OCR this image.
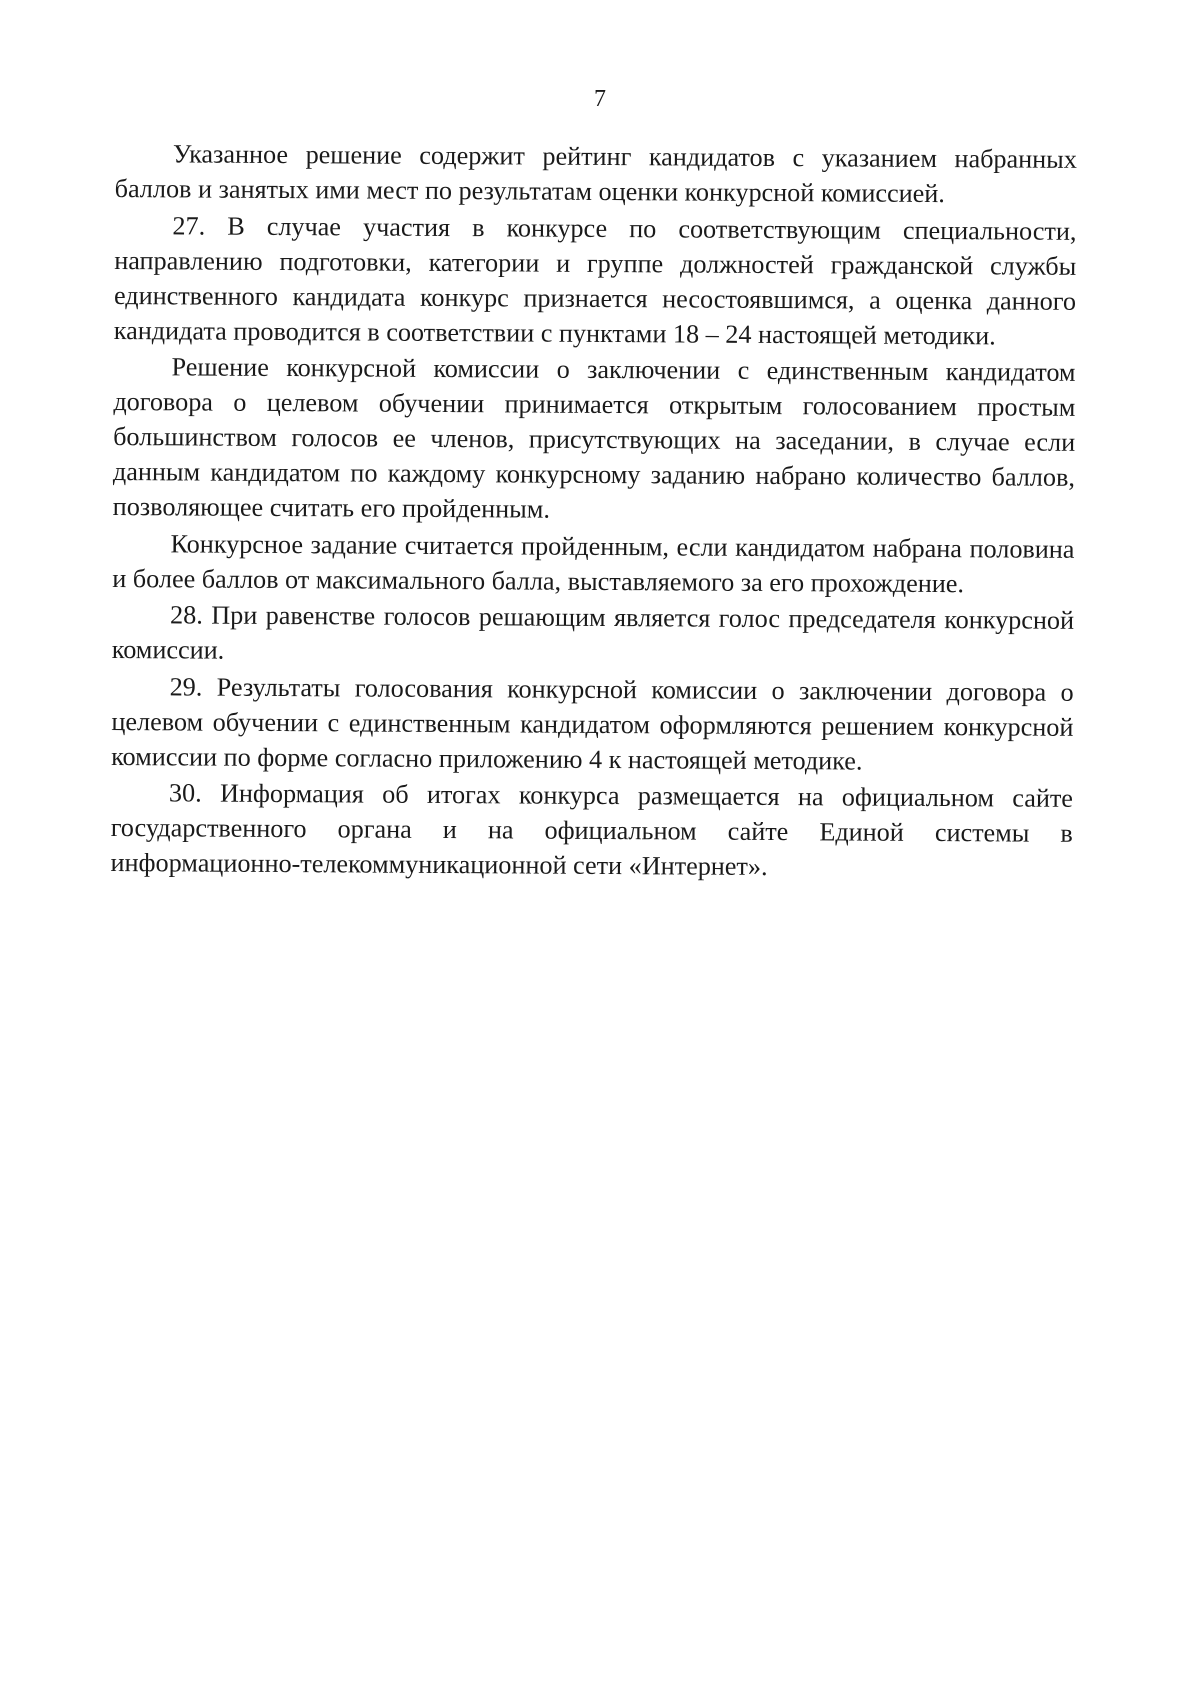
7

Указанное решение содержит рейтинг кандидатов с указанием набранных баллов и занятых ими мест по результатам оценки конкурсной комиссией.

27. В случае участия в конкурсе по соответствующим специальности, направлению подготовки, категории и группе должностей гражданской службы единственного кандидата конкурс признается несостоявшимся, а оценка данного кандидата проводится в соответствии с пунктами 18 – 24 настоящей методики.

Решение конкурсной комиссии о заключении с единственным кандидатом договора о целевом обучении принимается открытым голосованием простым большинством голосов ее членов, присутствующих на заседании, в случае если данным кандидатом по каждому конкурсному заданию набрано количество баллов, позволяющее считать его пройденным.

Конкурсное задание считается пройденным, если кандидатом набрана половина и более баллов от максимального балла, выставляемого за его прохождение.

28. При равенстве голосов решающим является голос председателя конкурсной комиссии.

29. Результаты голосования конкурсной комиссии о заключении договора о целевом обучении с единственным кандидатом оформляются решением конкурсной комиссии по форме согласно приложению 4 к настоящей методике.

30. Информация об итогах конкурса размещается на официальном сайте государственного органа и на официальном сайте Единой системы в информационно-телекоммуникационной сети «Интернет».
